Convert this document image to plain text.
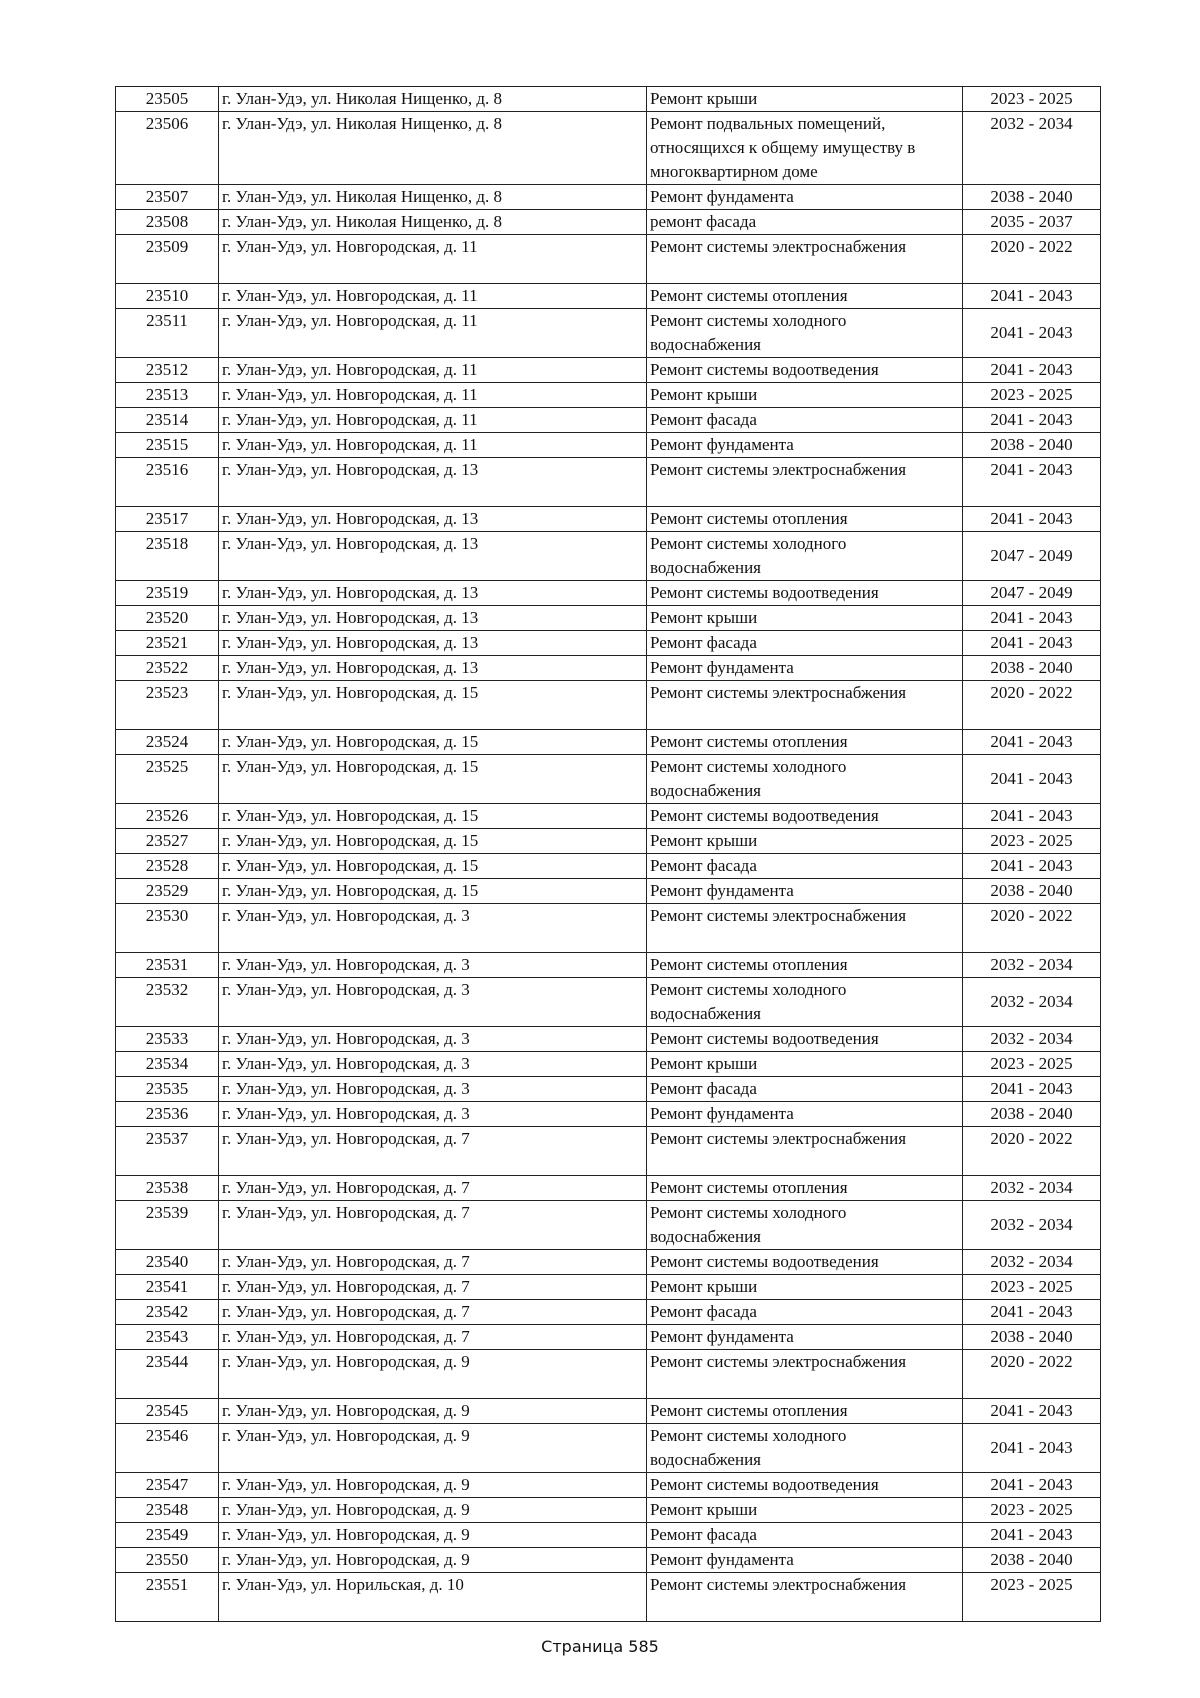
23505	г. Улан-Удэ, ул. Николая Нищенко, д. 8	Ремонт крыши	2023 - 2025
23506	г. Улан-Удэ, ул. Николая Нищенко, д. 8	Ремонт подвальных помещений, относящихся к общему имуществу в многоквартирном доме	2032 - 2034
23507	г. Улан-Удэ, ул. Николая Нищенко, д. 8	Ремонт фундамента	2038 - 2040
23508	г. Улан-Удэ, ул. Николая Нищенко, д. 8	ремонт фасада	2035 - 2037
23509	г. Улан-Удэ, ул. Новгородская, д. 11	Ремонт системы электроснабжения	2020 - 2022
23510	г. Улан-Удэ, ул. Новгородская, д. 11	Ремонт системы отопления	2041 - 2043
23511	г. Улан-Удэ, ул. Новгородская, д. 11	Ремонт системы холодного водоснабжения	2041 - 2043
23512	г. Улан-Удэ, ул. Новгородская, д. 11	Ремонт системы водоотведения	2041 - 2043
23513	г. Улан-Удэ, ул. Новгородская, д. 11	Ремонт крыши	2023 - 2025
23514	г. Улан-Удэ, ул. Новгородская, д. 11	Ремонт фасада	2041 - 2043
23515	г. Улан-Удэ, ул. Новгородская, д. 11	Ремонт фундамента	2038 - 2040
23516	г. Улан-Удэ, ул. Новгородская, д. 13	Ремонт системы электроснабжения	2041 - 2043
23517	г. Улан-Удэ, ул. Новгородская, д. 13	Ремонт системы отопления	2041 - 2043
23518	г. Улан-Удэ, ул. Новгородская, д. 13	Ремонт системы холодного водоснабжения	2047 - 2049
23519	г. Улан-Удэ, ул. Новгородская, д. 13	Ремонт системы водоотведения	2047 - 2049
23520	г. Улан-Удэ, ул. Новгородская, д. 13	Ремонт крыши	2041 - 2043
23521	г. Улан-Удэ, ул. Новгородская, д. 13	Ремонт фасада	2041 - 2043
23522	г. Улан-Удэ, ул. Новгородская, д. 13	Ремонт фундамента	2038 - 2040
23523	г. Улан-Удэ, ул. Новгородская, д. 15	Ремонт системы электроснабжения	2020 - 2022
23524	г. Улан-Удэ, ул. Новгородская, д. 15	Ремонт системы отопления	2041 - 2043
23525	г. Улан-Удэ, ул. Новгородская, д. 15	Ремонт системы холодного водоснабжения	2041 - 2043
23526	г. Улан-Удэ, ул. Новгородская, д. 15	Ремонт системы водоотведения	2041 - 2043
23527	г. Улан-Удэ, ул. Новгородская, д. 15	Ремонт крыши	2023 - 2025
23528	г. Улан-Удэ, ул. Новгородская, д. 15	Ремонт фасада	2041 - 2043
23529	г. Улан-Удэ, ул. Новгородская, д. 15	Ремонт фундамента	2038 - 2040
23530	г. Улан-Удэ, ул. Новгородская, д. 3	Ремонт системы электроснабжения	2020 - 2022
23531	г. Улан-Удэ, ул. Новгородская, д. 3	Ремонт системы отопления	2032 - 2034
23532	г. Улан-Удэ, ул. Новгородская, д. 3	Ремонт системы холодного водоснабжения	2032 - 2034
23533	г. Улан-Удэ, ул. Новгородская, д. 3	Ремонт системы водоотведения	2032 - 2034
23534	г. Улан-Удэ, ул. Новгородская, д. 3	Ремонт крыши	2023 - 2025
23535	г. Улан-Удэ, ул. Новгородская, д. 3	Ремонт фасада	2041 - 2043
23536	г. Улан-Удэ, ул. Новгородская, д. 3	Ремонт фундамента	2038 - 2040
23537	г. Улан-Удэ, ул. Новгородская, д. 7	Ремонт системы электроснабжения	2020 - 2022
23538	г. Улан-Удэ, ул. Новгородская, д. 7	Ремонт системы отопления	2032 - 2034
23539	г. Улан-Удэ, ул. Новгородская, д. 7	Ремонт системы холодного водоснабжения	2032 - 2034
23540	г. Улан-Удэ, ул. Новгородская, д. 7	Ремонт системы водоотведения	2032 - 2034
23541	г. Улан-Удэ, ул. Новгородская, д. 7	Ремонт крыши	2023 - 2025
23542	г. Улан-Удэ, ул. Новгородская, д. 7	Ремонт фасада	2041 - 2043
23543	г. Улан-Удэ, ул. Новгородская, д. 7	Ремонт фундамента	2038 - 2040
23544	г. Улан-Удэ, ул. Новгородская, д. 9	Ремонт системы электроснабжения	2020 - 2022
23545	г. Улан-Удэ, ул. Новгородская, д. 9	Ремонт системы отопления	2041 - 2043
23546	г. Улан-Удэ, ул. Новгородская, д. 9	Ремонт системы холодного водоснабжения	2041 - 2043
23547	г. Улан-Удэ, ул. Новгородская, д. 9	Ремонт системы водоотведения	2041 - 2043
23548	г. Улан-Удэ, ул. Новгородская, д. 9	Ремонт крыши	2023 - 2025
23549	г. Улан-Удэ, ул. Новгородская, д. 9	Ремонт фасада	2041 - 2043
23550	г. Улан-Удэ, ул. Новгородская, д. 9	Ремонт фундамента	2038 - 2040
23551	г. Улан-Удэ, ул. Норильская, д. 10	Ремонт системы электроснабжения	2023 - 2025
Страница 585
